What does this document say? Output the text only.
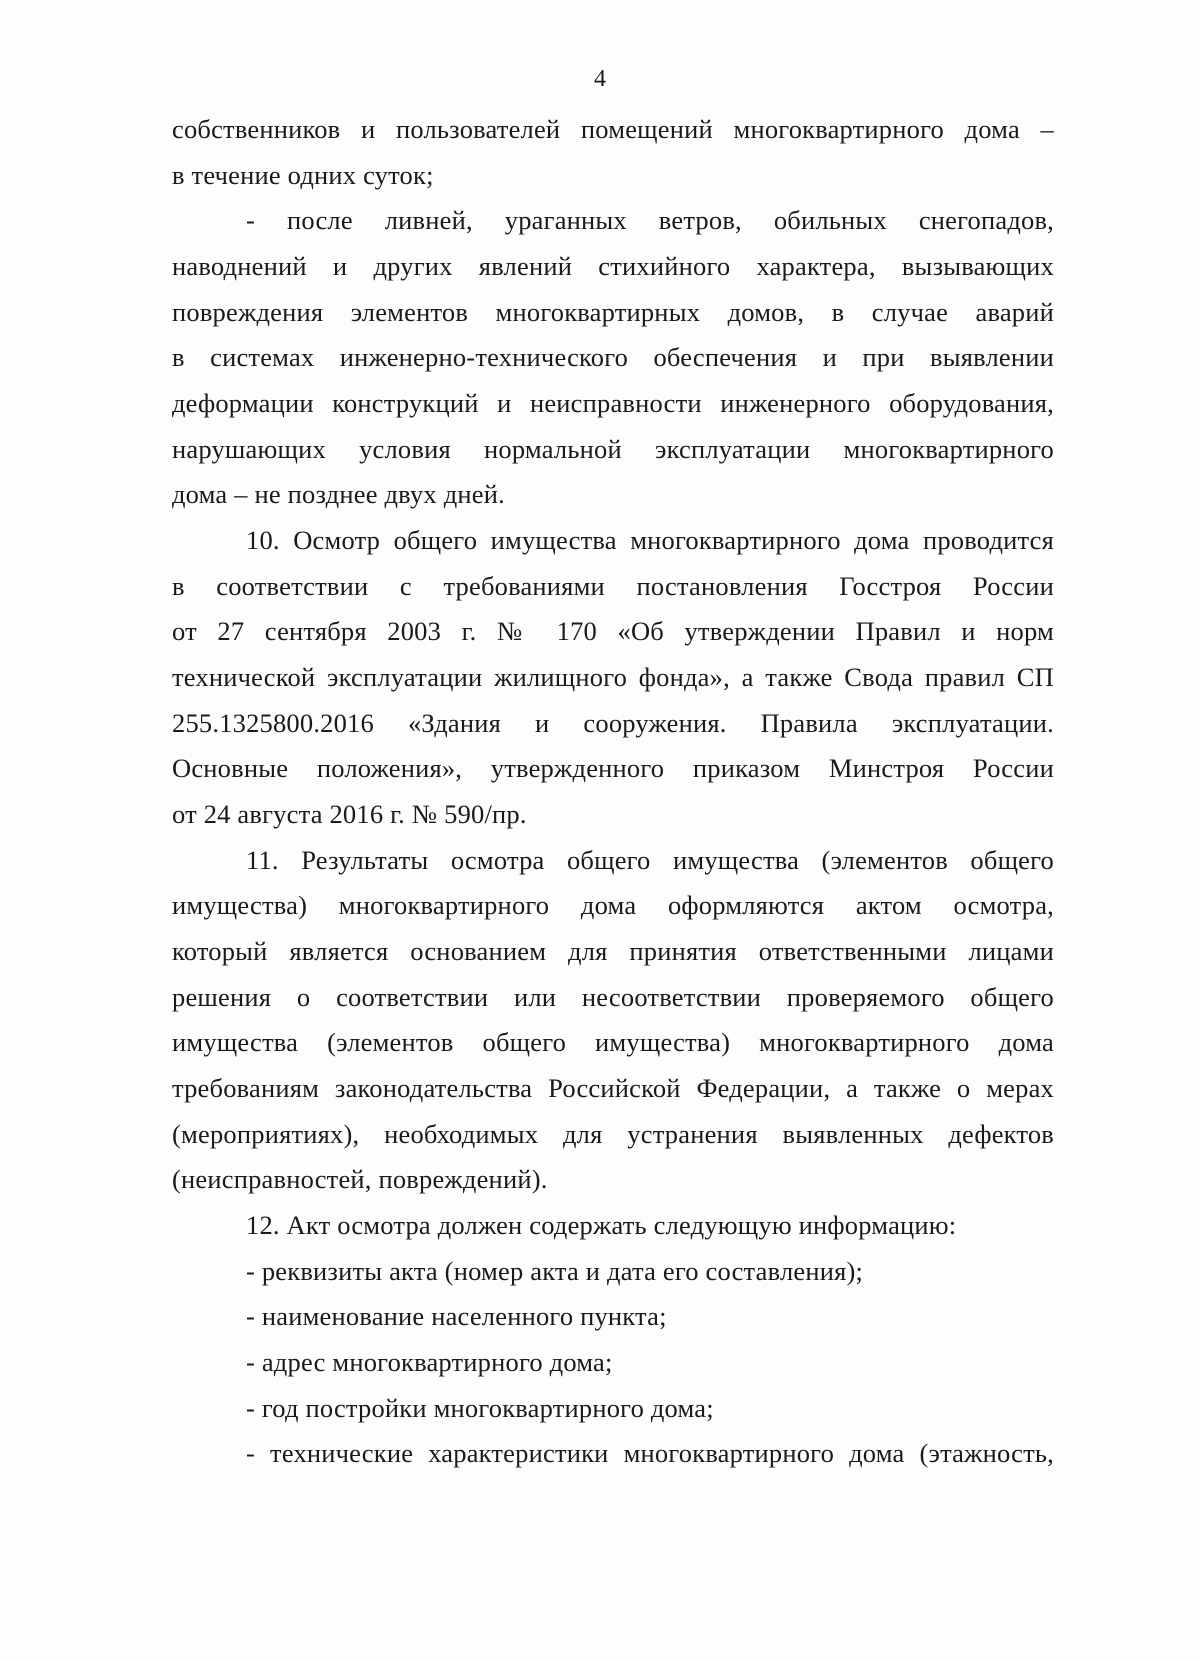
4
собственников и пользователей помещений многоквартирного дома –
в течение одних суток;
- после ливней, ураганных ветров, обильных снегопадов,
наводнений и других явлений стихийного характера, вызывающих
повреждения элементов многоквартирных домов, в случае аварий
в системах инженерно-технического обеспечения и при выявлении
деформации конструкций и неисправности инженерного оборудования,
нарушающих условия нормальной эксплуатации многоквартирного
дома – не позднее двух дней.
10. Осмотр общего имущества многоквартирного дома проводится
в соответствии с требованиями постановления Госстроя России
от 27 сентября 2003 г. № 170 «Об утверждении Правил и норм
технической эксплуатации жилищного фонда», а также Свода правил СП
255.1325800.2016 «Здания и сооружения. Правила эксплуатации.
Основные положения», утвержденного приказом Минстроя России
от 24 августа 2016 г. № 590/пр.
11. Результаты осмотра общего имущества (элементов общего
имущества) многоквартирного дома оформляются актом осмотра,
который является основанием для принятия ответственными лицами
решения о соответствии или несоответствии проверяемого общего
имущества (элементов общего имущества) многоквартирного дома
требованиям законодательства Российской Федерации, а также о мерах
(мероприятиях), необходимых для устранения выявленных дефектов
(неисправностей, повреждений).
12. Акт осмотра должен содержать следующую информацию:
- реквизиты акта (номер акта и дата его составления);
- наименование населенного пункта;
- адрес многоквартирного дома;
- год постройки многоквартирного дома;
- технические характеристики многоквартирного дома (этажность,
